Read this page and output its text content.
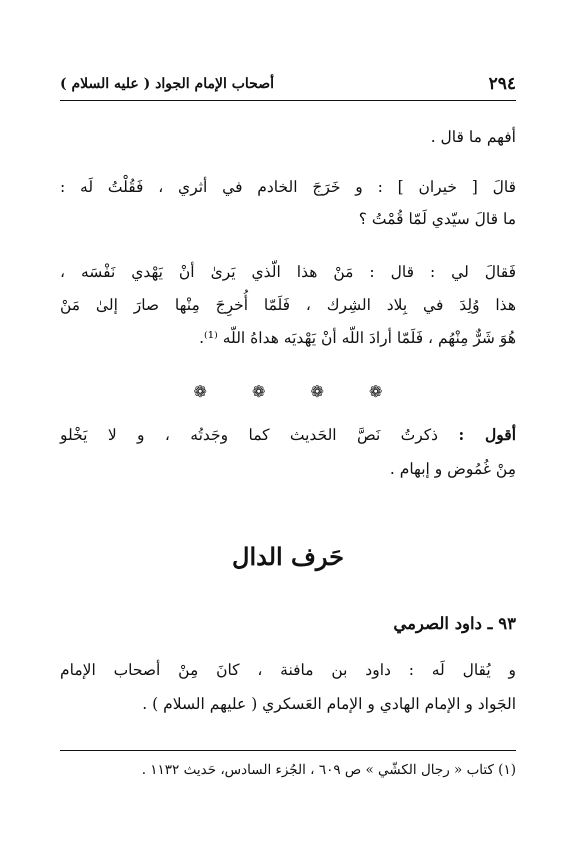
٢٩٤
أصحاب الإمام الجواد ( عليه السلام )
أفهم ما قال .
قالَ [ خيران ] : و خَرَجَ الخادم في أثري ، فَقُلْتُ لَه :
ما قالَ سيّدي لَمّا قُمْتُ ؟
فَقالَ لي : قال : مَنْ هذا الّذي يَرىٰ أنْ يَهْدي نَفْسَه ،
هذا وُلِدَ في بِلاد الشِرك ، فَلَمّا أُخرِجَ مِنْها صارَ إلىٰ مَنْ
هُوَ شَرٌّ مِنْهُم ، فَلَمّا أرادَ اللّه أنْ يَهْديَه هداهُ اللّه ⁽¹⁾.
❁	❁	❁	❁
أقول : ذكرتُ نَصَّ الحَديث كما وجَدتُه ، و لا يَخْلو
مِنْ غُمُوض و إبهام .
حَرف الدال
٩٣ ـ داود الصرمي
و يُقال لَه : داود بن مافنة ، كانَ مِنْ أصحاب الإمام
الجَواد و الإمام الهادي و الإمام العَسكري ( عليهم السلام ) .
(١) كتاب « رجال الكشّي » ص ٦٠٩ ، الجُزء السادس، حَديث ١١٣٢ .
